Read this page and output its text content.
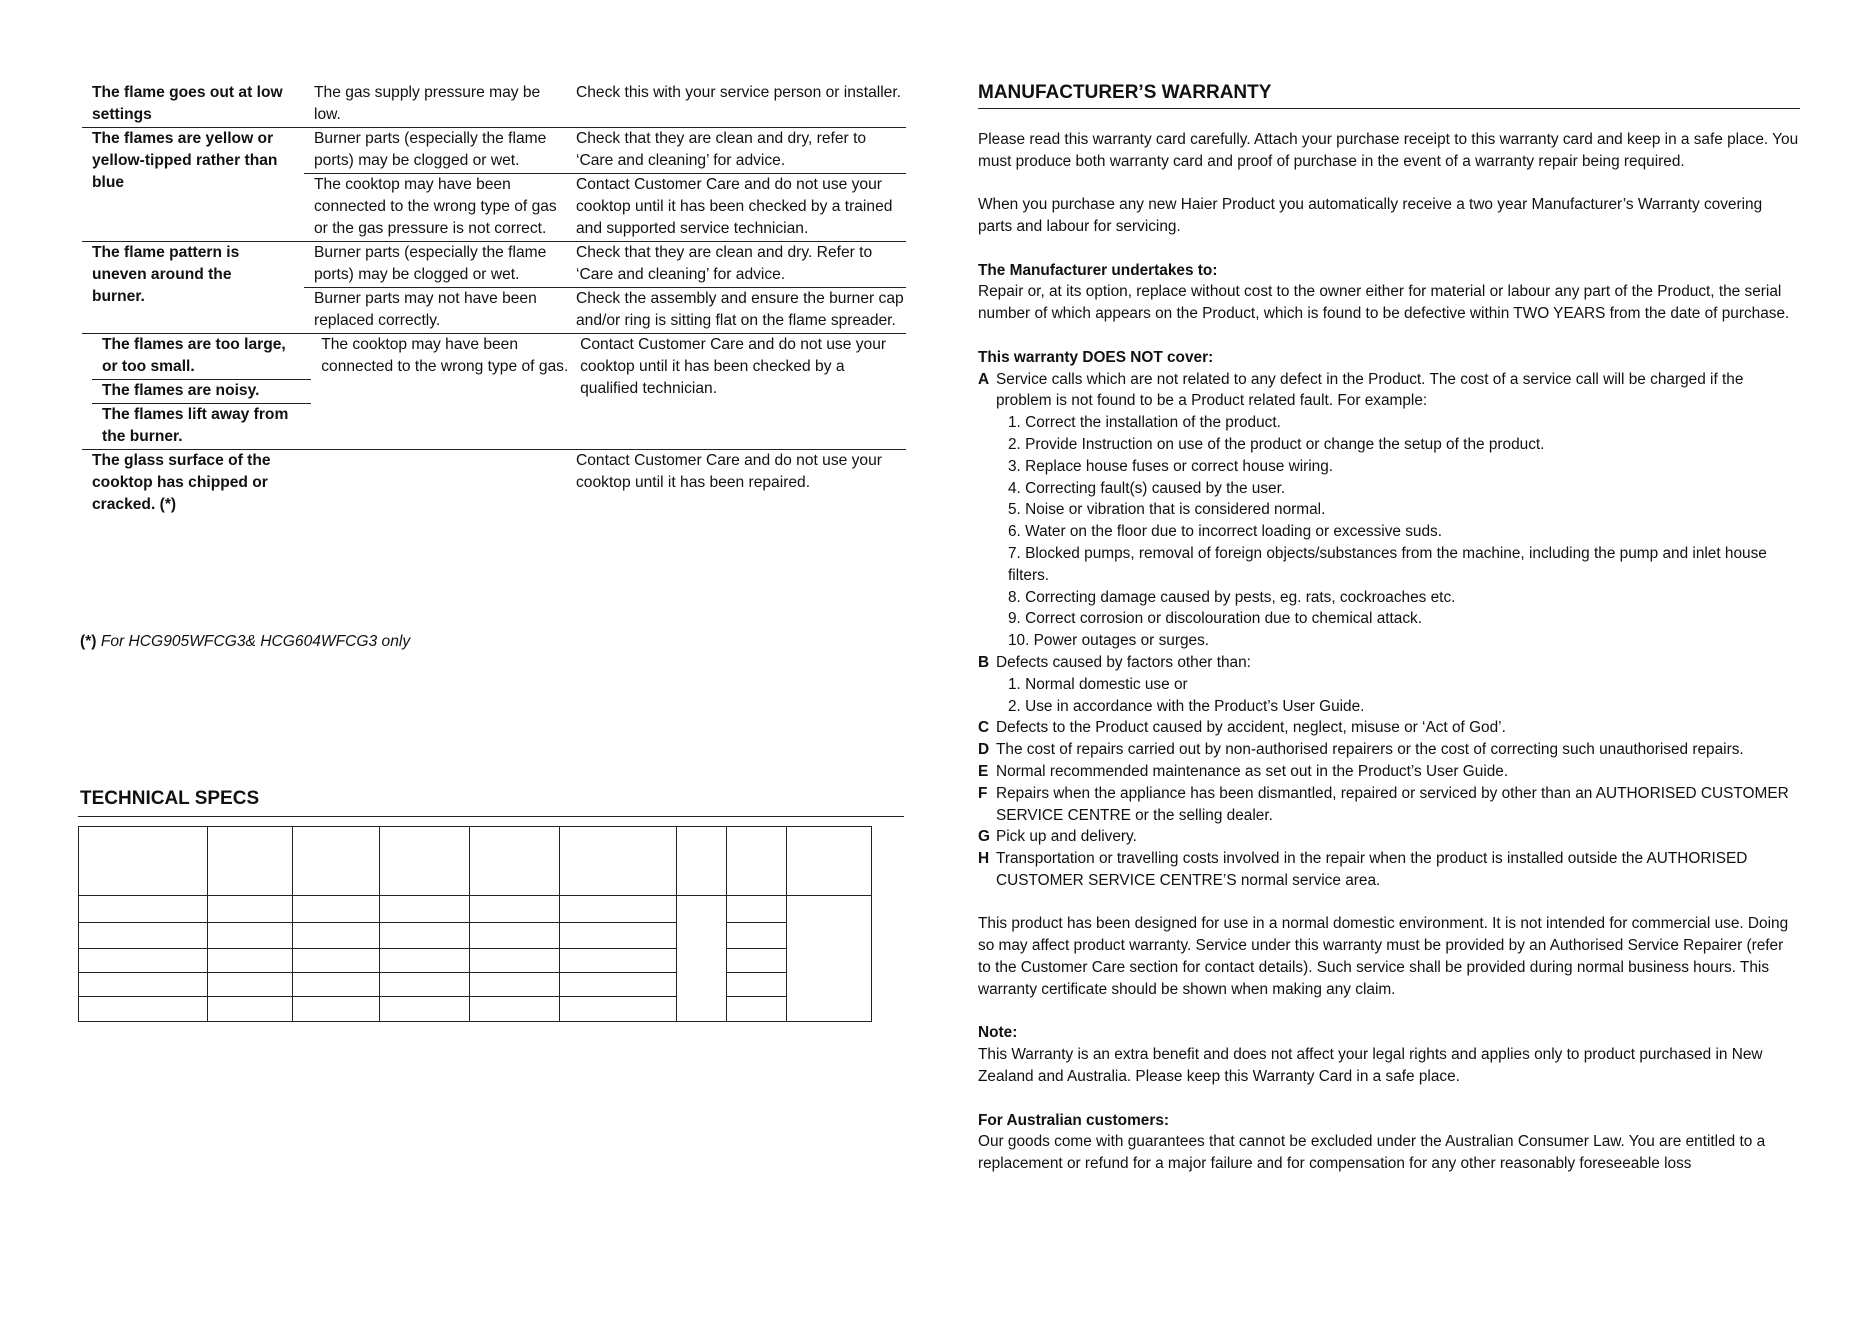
The flame goes out at low
settings
The gas supply pressure may be low.
Check this with your service person or installer.
The flames are yellow or
yellow-tipped rather than
blue
Burner parts (especially the flame ports) may be clogged or wet.
Check that they are clean and dry, refer to ‘Care and cleaning’ for advice.
The cooktop may have been connected to the wrong type of gas or the gas pressure is not correct.
Contact Customer Care and do not use your cooktop until it has been checked by a trained and supported service technician.
The flame pattern is
uneven around the
burner.
Burner parts (especially the flame ports) may be clogged or wet.
Check that they are clean and dry. Refer to ‘Care and cleaning’ for advice.
Burner parts may not have been replaced correctly.
Check the assembly and ensure the burner cap and/or ring is sitting flat on the flame spreader.
The flames are too large,
or too small.
The flames are noisy.
The flames lift away from
the burner.
The cooktop may have been connected to the wrong type of gas.
Contact Customer Care and do not use your cooktop until it has been checked by a qualified technician.
The glass surface of the
cooktop has chipped or
cracked. (*)
Contact Customer Care and do not use your cooktop until it has been repaired.
(*) For HCG905WFCG3& HCG604WFCG3 only
TECHNICAL SPECS
MANUFACTURER’S WARRANTY

Please read this warranty card carefully. Attach your purchase receipt to this warranty card and keep in a safe place. You must produce both warranty card and proof of purchase in the event of a warranty repair being required.

When you purchase any new Haier Product you automatically receive a two year Manufacturer’s Warranty covering parts and labour for servicing.

The Manufacturer undertakes to:

Repair or, at its option, replace without cost to the owner either for material or labour any part of the Product, the serial number of which appears on the Product, which is found to be defective within TWO YEARS from the date of purchase.

This warranty DOES NOT cover:
A Service calls which are not related to any defect in the Product. The cost of a service call will be charged if the problem is not found to be a Product related fault. For example:
1. Correct the installation of the product.
2. Provide Instruction on use of the product or change the setup of the product.
3. Replace house fuses or correct house wiring.
4. Correcting fault(s) caused by the user.
5. Noise or vibration that is considered normal.
6. Water on the floor due to incorrect loading or excessive suds.
7. Blocked pumps, removal of foreign objects/substances from the machine, including the pump and inlet house filters.
8. Correcting damage caused by pests, eg. rats, cockroaches etc.
9. Correct corrosion or discolouration due to chemical attack.
10. Power outages or surges.
B Defects caused by factors other than:
1. Normal domestic use or
2. Use in accordance with the Product’s User Guide.
C Defects to the Product caused by accident, neglect, misuse or ‘Act of God’.
D The cost of repairs carried out by non-authorised repairers or the cost of correcting such unauthorised repairs.
E Normal recommended maintenance as set out in the Product’s User Guide.
F Repairs when the appliance has been dismantled, repaired or serviced by other than an AUTHORISED CUSTOMER SERVICE CENTRE or the selling dealer.
G Pick up and delivery.
H Transportation or travelling costs involved in the repair when the product is installed outside the AUTHORISED CUSTOMER SERVICE CENTRE’S normal service area.

This product has been designed for use in a normal domestic environment. It is not intended for commercial use. Doing so may affect product warranty. Service under this warranty must be provided by an Authorised Service Repairer (refer to the Customer Care section for contact details). Such service shall be provided during normal business hours. This warranty certificate should be shown when making any claim.

Note:

This Warranty is an extra benefit and does not affect your legal rights and applies only to product purchased in New Zealand and Australia. Please keep this Warranty Card in a safe place.

For Australian customers:

Our goods come with guarantees that cannot be excluded under the Australian Consumer Law. You are entitled to a replacement or refund for a major failure and for compensation for any other reasonably foreseeable loss
